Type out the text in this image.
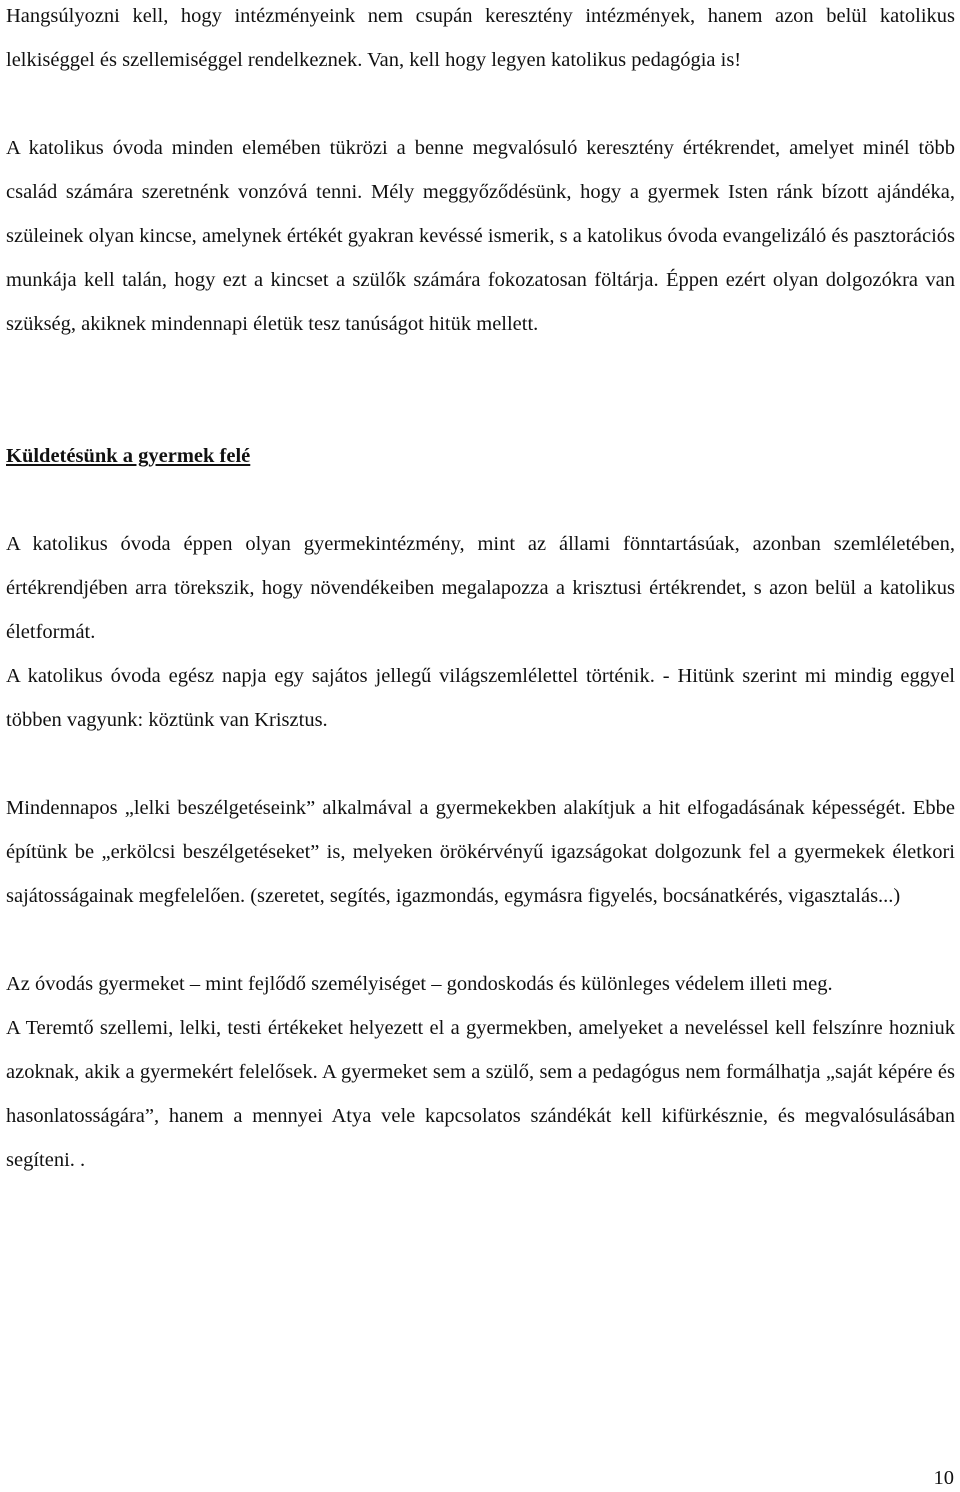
Hangsúlyozni kell, hogy intézményeink nem csupán keresztény intézmények, hanem azon belül katolikus lelkiséggel és szellemiséggel rendelkeznek. Van, kell hogy legyen katolikus pedagógia is!

A katolikus óvoda minden elemében tükrözi a benne megvalósuló keresztény értékrendet, amelyet minél több család számára szeretnénk vonzóvá tenni. Mély meggyőződésünk, hogy a gyermek Isten ránk bízott ajándéka, szüleinek olyan kincse, amelynek értékét gyakran kevéssé ismerik, s a katolikus óvoda evangelizáló és pasztorációs munkája kell talán, hogy ezt a kincset a szülők számára fokozatosan föltárja. Éppen ezért olyan dolgozókra van szükség, akiknek mindennapi életük tesz tanúságot hitük mellett.

Küldetésünk a gyermek felé

A katolikus óvoda éppen olyan gyermekintézmény, mint az állami fönntartásúak, azonban szemléletében, értékrendjében arra törekszik, hogy növendékeiben megalapozza a krisztusi értékrendet, s azon belül a katolikus életformát.

A katolikus óvoda egész napja egy sajátos jellegű világszemlélettel történik. - Hitünk szerint mi mindig eggyel többen vagyunk: köztünk van Krisztus.

Mindennapos „lelki beszélgetéseink” alkalmával a gyermekekben alakítjuk a hit elfogadásának képességét. Ebbe építünk be „erkölcsi beszélgetéseket” is, melyeken örökérvényű igazságokat dolgozunk fel a gyermekek életkori sajátosságainak megfelelően. (szeretet, segítés, igazmondás, egymásra figyelés, bocsánatkérés, vigasztalás...)

Az óvodás gyermeket – mint fejlődő személyiséget – gondoskodás és különleges védelem illeti meg.

A Teremtő szellemi, lelki, testi értékeket helyezett el a gyermekben, amelyeket a neveléssel kell felszínre hozniuk azoknak, akik a gyermekért felelősek. A gyermeket sem a szülő, sem a pedagógus nem formálhatja „saját képére és hasonlatosságára”, hanem a mennyei Atya vele kapcsolatos szándékát kell kifürkésznie, és megvalósulásában segíteni. .

10
